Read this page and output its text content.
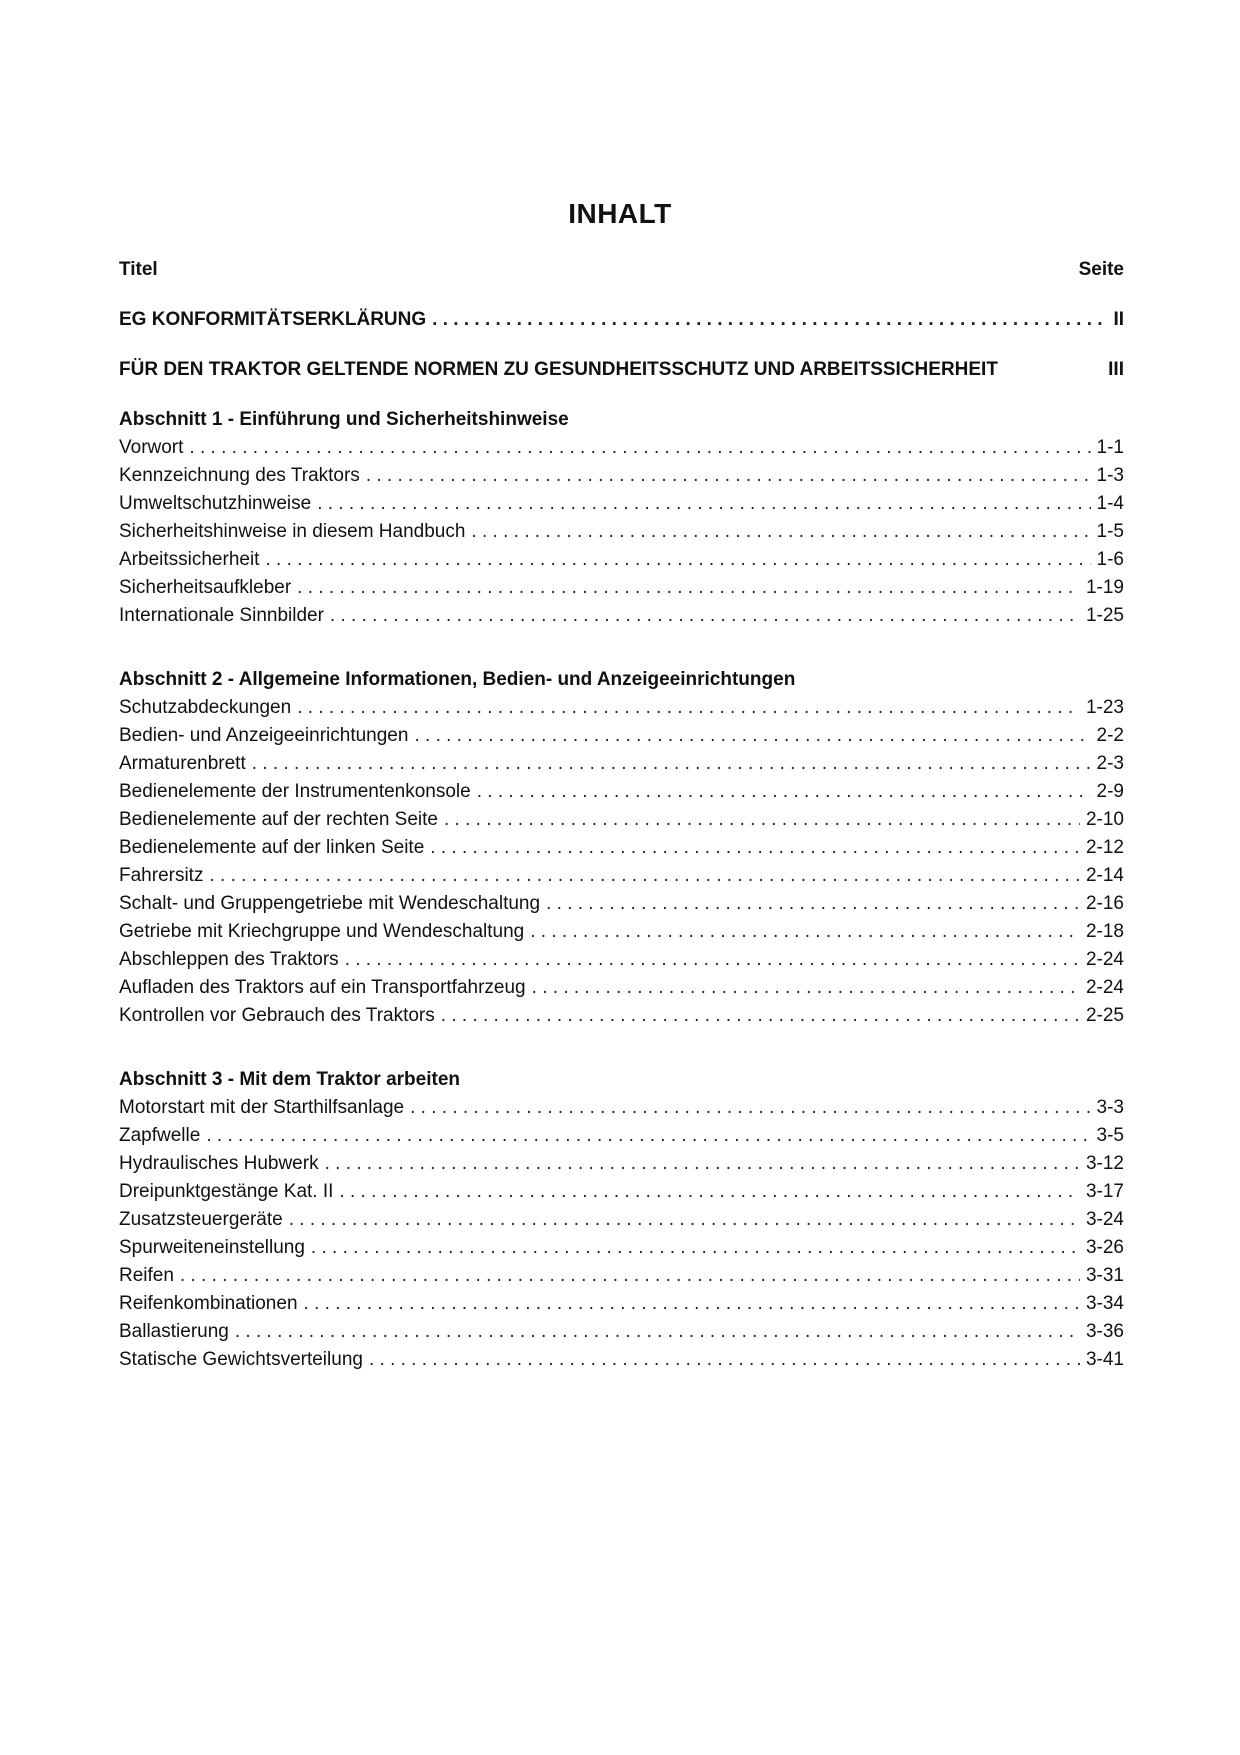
INHALT
Titel	Seite
EG KONFORMITÄTSERKLÄRUNG . . .	II
FÜR DEN TRAKTOR GELTENDE NORMEN ZU GESUNDHEITSSCHUTZ UND ARBEITSSICHERHEIT	III
Abschnitt 1 - Einführung und Sicherheitshinweise
Vorwort . . .	1-1
Kennzeichnung des Traktors . . .	1-3
Umweltschutzhinweise . . .	1-4
Sicherheitshinweise in diesem Handbuch . . .	1-5
Arbeitssicherheit . . .	1-6
Sicherheitsaufkleber . . .	1-19
Internationale Sinnbilder . . .	1-25
Abschnitt 2 - Allgemeine Informationen, Bedien- und Anzeigeeinrichtungen
Schutzabdeckungen . . .	1-23
Bedien- und Anzeigeeinrichtungen . . .	2-2
Armaturenbrett . . .	2-3
Bedienelemente der Instrumentenkonsole . . .	2-9
Bedienelemente auf der rechten Seite . . .	2-10
Bedienelemente auf der linken Seite . . .	2-12
Fahrersitz . . .	2-14
Schalt- und Gruppengetriebe mit Wendeschaltung . . .	2-16
Getriebe mit Kriechgruppe und Wendeschaltung . . .	2-18
Abschleppen des Traktors . . .	2-24
Aufladen des Traktors auf ein Transportfahrzeug . . .	2-24
Kontrollen vor Gebrauch des Traktors . . .	2-25
Abschnitt 3 - Mit dem Traktor arbeiten
Motorstart mit der Starthilfsanlage . . .	3-3
Zapfwelle . . .	3-5
Hydraulisches Hubwerk . . .	3-12
Dreipunktgestänge Kat. II . . .	3-17
Zusatzsteuergeräte . . .	3-24
Spurweiteneinstellung . . .	3-26
Reifen . . .	3-31
Reifenkombinationen . . .	3-34
Ballastierung . . .	3-36
Statische Gewichtsverteilung . . .	3-41
